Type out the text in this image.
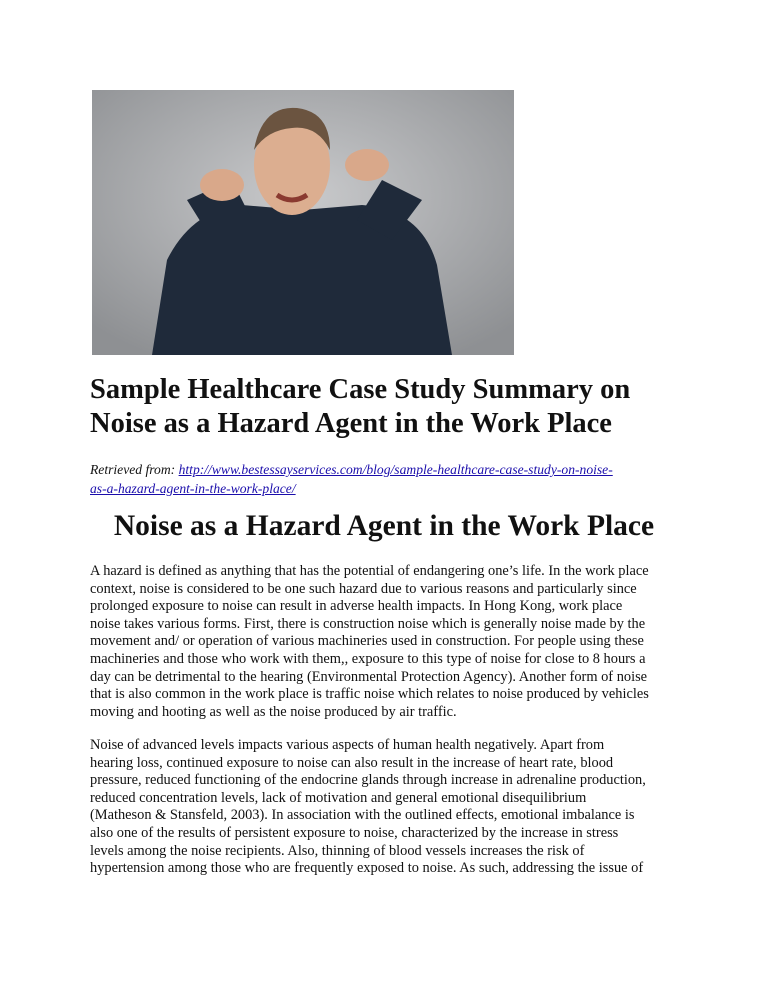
Sample Healthcare Case Study Summary on
Noise as a Hazard Agent in the Work Place
Retrieved from: http://www.bestessayservices.com/blog/sample-healthcare-case-study-on-noise-
as-a-hazard-agent-in-the-work-place/
Noise as a Hazard Agent in the Work Place
A hazard is defined as anything that has the potential of endangering one’s life. In the work place
context, noise is considered to be one such hazard due to various reasons and particularly since
prolonged exposure to noise can result in adverse health impacts. In Hong Kong, work place
noise takes various forms. First, there is construction noise which is generally noise made by the
movement and/ or operation of various machineries used in construction. For people using these
machineries and those who work with them,, exposure to this type of noise for close to 8 hours a
day can be detrimental to the hearing (Environmental Protection Agency). Another form of noise
that is also common in the work place is traffic noise which relates to noise produced by vehicles
moving and hooting as well as the noise produced by air traffic.
Noise of advanced levels impacts various aspects of human health negatively. Apart from
hearing loss, continued exposure to noise can also result in the increase of heart rate, blood
pressure, reduced functioning of the endocrine glands through increase in adrenaline production,
reduced concentration levels, lack of motivation and general emotional disequilibrium
(Matheson & Stansfeld, 2003). In association with the outlined effects, emotional imbalance is
also one of the results of persistent exposure to noise, characterized by the increase in stress
levels among the noise recipients. Also, thinning of blood vessels increases the risk of
hypertension among those who are frequently exposed to noise. As such, addressing the issue of
